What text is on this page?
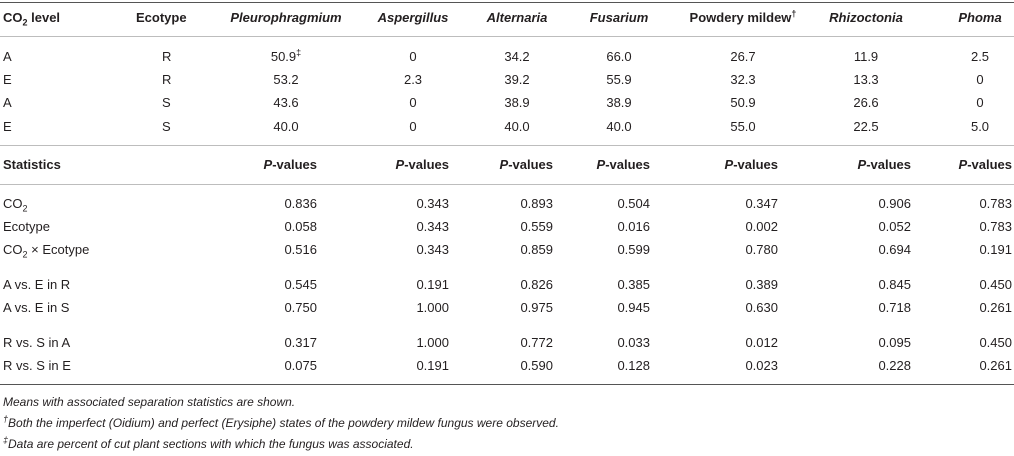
$CO_2$ level	Ecotype	Pleurophragmium	Aspergillus	Alternaria	Fusarium	Powdery mildew†	Rhizoctonia	Phoma
A	R	50.9‡	0	34.2	66.0	26.7	11.9	2.5
E	R	53.2	2.3	39.2	55.9	32.3	13.3	0
A	S	43.6	0	38.9	38.9	50.9	26.6	0
E	S	40.0	0	40.0	40.0	55.0	22.5	5.0
Statistics	P-values	P-values	P-values	P-values	P-values	P-values	P-values
$CO_2$	0.836	0.343	0.893	0.504	0.347	0.906	0.783
Ecotype	0.058	0.343	0.559	0.016	0.002	0.052	0.783
$CO_2$ × Ecotype	0.516	0.343	0.859	0.599	0.780	0.694	0.191
A vs. E in R	0.545	0.191	0.826	0.385	0.389	0.845	0.450
A vs. E in S	0.750	1.000	0.975	0.945	0.630	0.718	0.261
R vs. S in A	0.317	1.000	0.772	0.033	0.012	0.095	0.450
R vs. S in E	0.075	0.191	0.590	0.128	0.023	0.228	0.261
Means with associated separation statistics are shown.
†Both the imperfect (Oidium) and perfect (Erysiphe) states of the powdery mildew fungus were observed.
‡Data are percent of cut plant sections with which the fungus was associated.
